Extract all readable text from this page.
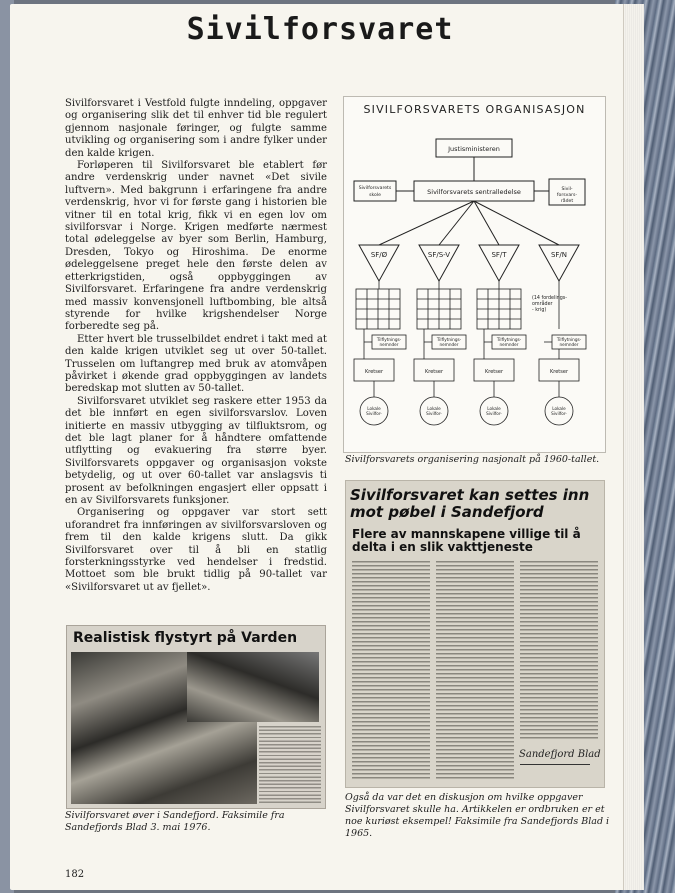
Sivilforsvaret

Sivilforsvaret i Vestfold fulgte inndeling, oppgaver og organisering slik det til enhver tid ble regulert gjennom nasjonale føringer, og fulgte samme utvikling og organisering som i andre fylker under den kalde krigen.

Forløperen til Sivilforsvaret ble etablert før andre verdenskrig under navnet «Det sivile luftvern». Med bakgrunn i erfaringene fra andre verdenskrig, hvor vi for første gang i historien ble vitner til en total krig, fikk vi en egen lov om sivilforsvar i Norge. Krigen medførte nærmest total ødeleggelse av byer som Berlin, Hamburg, Dresden, Tokyo og Hiroshima. De enorme ødeleggelsene preget hele den første delen av etterkrigstiden, også oppbyggingen av Sivilforsvaret. Erfaringene fra andre verdenskrig med massiv konvensjonell luftbombing, ble altså styrende for hvilke krigshendelser Norge forberedte seg på.

Etter hvert ble trusselbildet endret i takt med at den kalde krigen utviklet seg ut over 50-tallet. Trusselen om luftangrep med bruk av atomvåpen påvirket i økende grad oppbyggingen av landets beredskap mot slutten av 50-tallet.

Sivilforsvaret utviklet seg raskere etter 1953 da det ble innført en egen sivilforsvarslov. Loven initierte en massiv utbygging av tilfluktsrom, og det ble lagt planer for å håndtere omfattende utflytting og evakuering fra større byer. Sivilforsvarets oppgaver og organisasjon vokste betydelig, og ut over 60-tallet var anslagsvis ti prosent av befolkningen engasjert eller oppsatt i en av Sivilforsvarets funksjoner.

Organisering og oppgaver var stort sett uforandret fra innføringen av sivilforsvarsloven og frem til den kalde krigens slutt. Da gikk Sivilforsvaret over til å bli en statlig forsterkningsstyrke ved hendelser i fredstid. Mottoet som ble brukt tidlig på 90-tallet var «Sivilforsvaret ut av fjellet».

SIVILFORSVARETS ORGANISASJON
Justisministeren
Sivilforsvarets sentralledelse
Sivilforsvarets
skole
Sivil-
forsvars-
rådet
SF/Ø	SF/S-V	SF/T	SF/N
(14 fordelings-
områder
- krig)
Tilflytnings-
nemnder
Tilflytnings-
nemnder
Tilflytnings-
nemnder
Tilflytnings-
nemnder
Kretser	Kretser	Kretser	Kretser
Lokale
Sivilfor-
Lokale
Sivilfor-
Lokale
Sivilfor-
Lokale
Sivilfor-
Sivilforsvarets organisering nasjonalt på 1960-tallet.
Sivilforsvaret kan settes inn mot pøbel i Sandefjord
Flere av mannskapene villige til å delta i en slik vakttjeneste
Sandefjord Blad
Også da var det en diskusjon om hvilke oppgaver Sivilforsvaret skulle ha. Artikkelen er ordbruken er et noe kuriøst eksempel! Faksimile fra Sandefjords Blad i 1965.
Realistisk flystyrt på Varden
Sivilforsvaret øver i Sandefjord. Faksimile fra Sandefjords Blad 3. mai 1976.
182
